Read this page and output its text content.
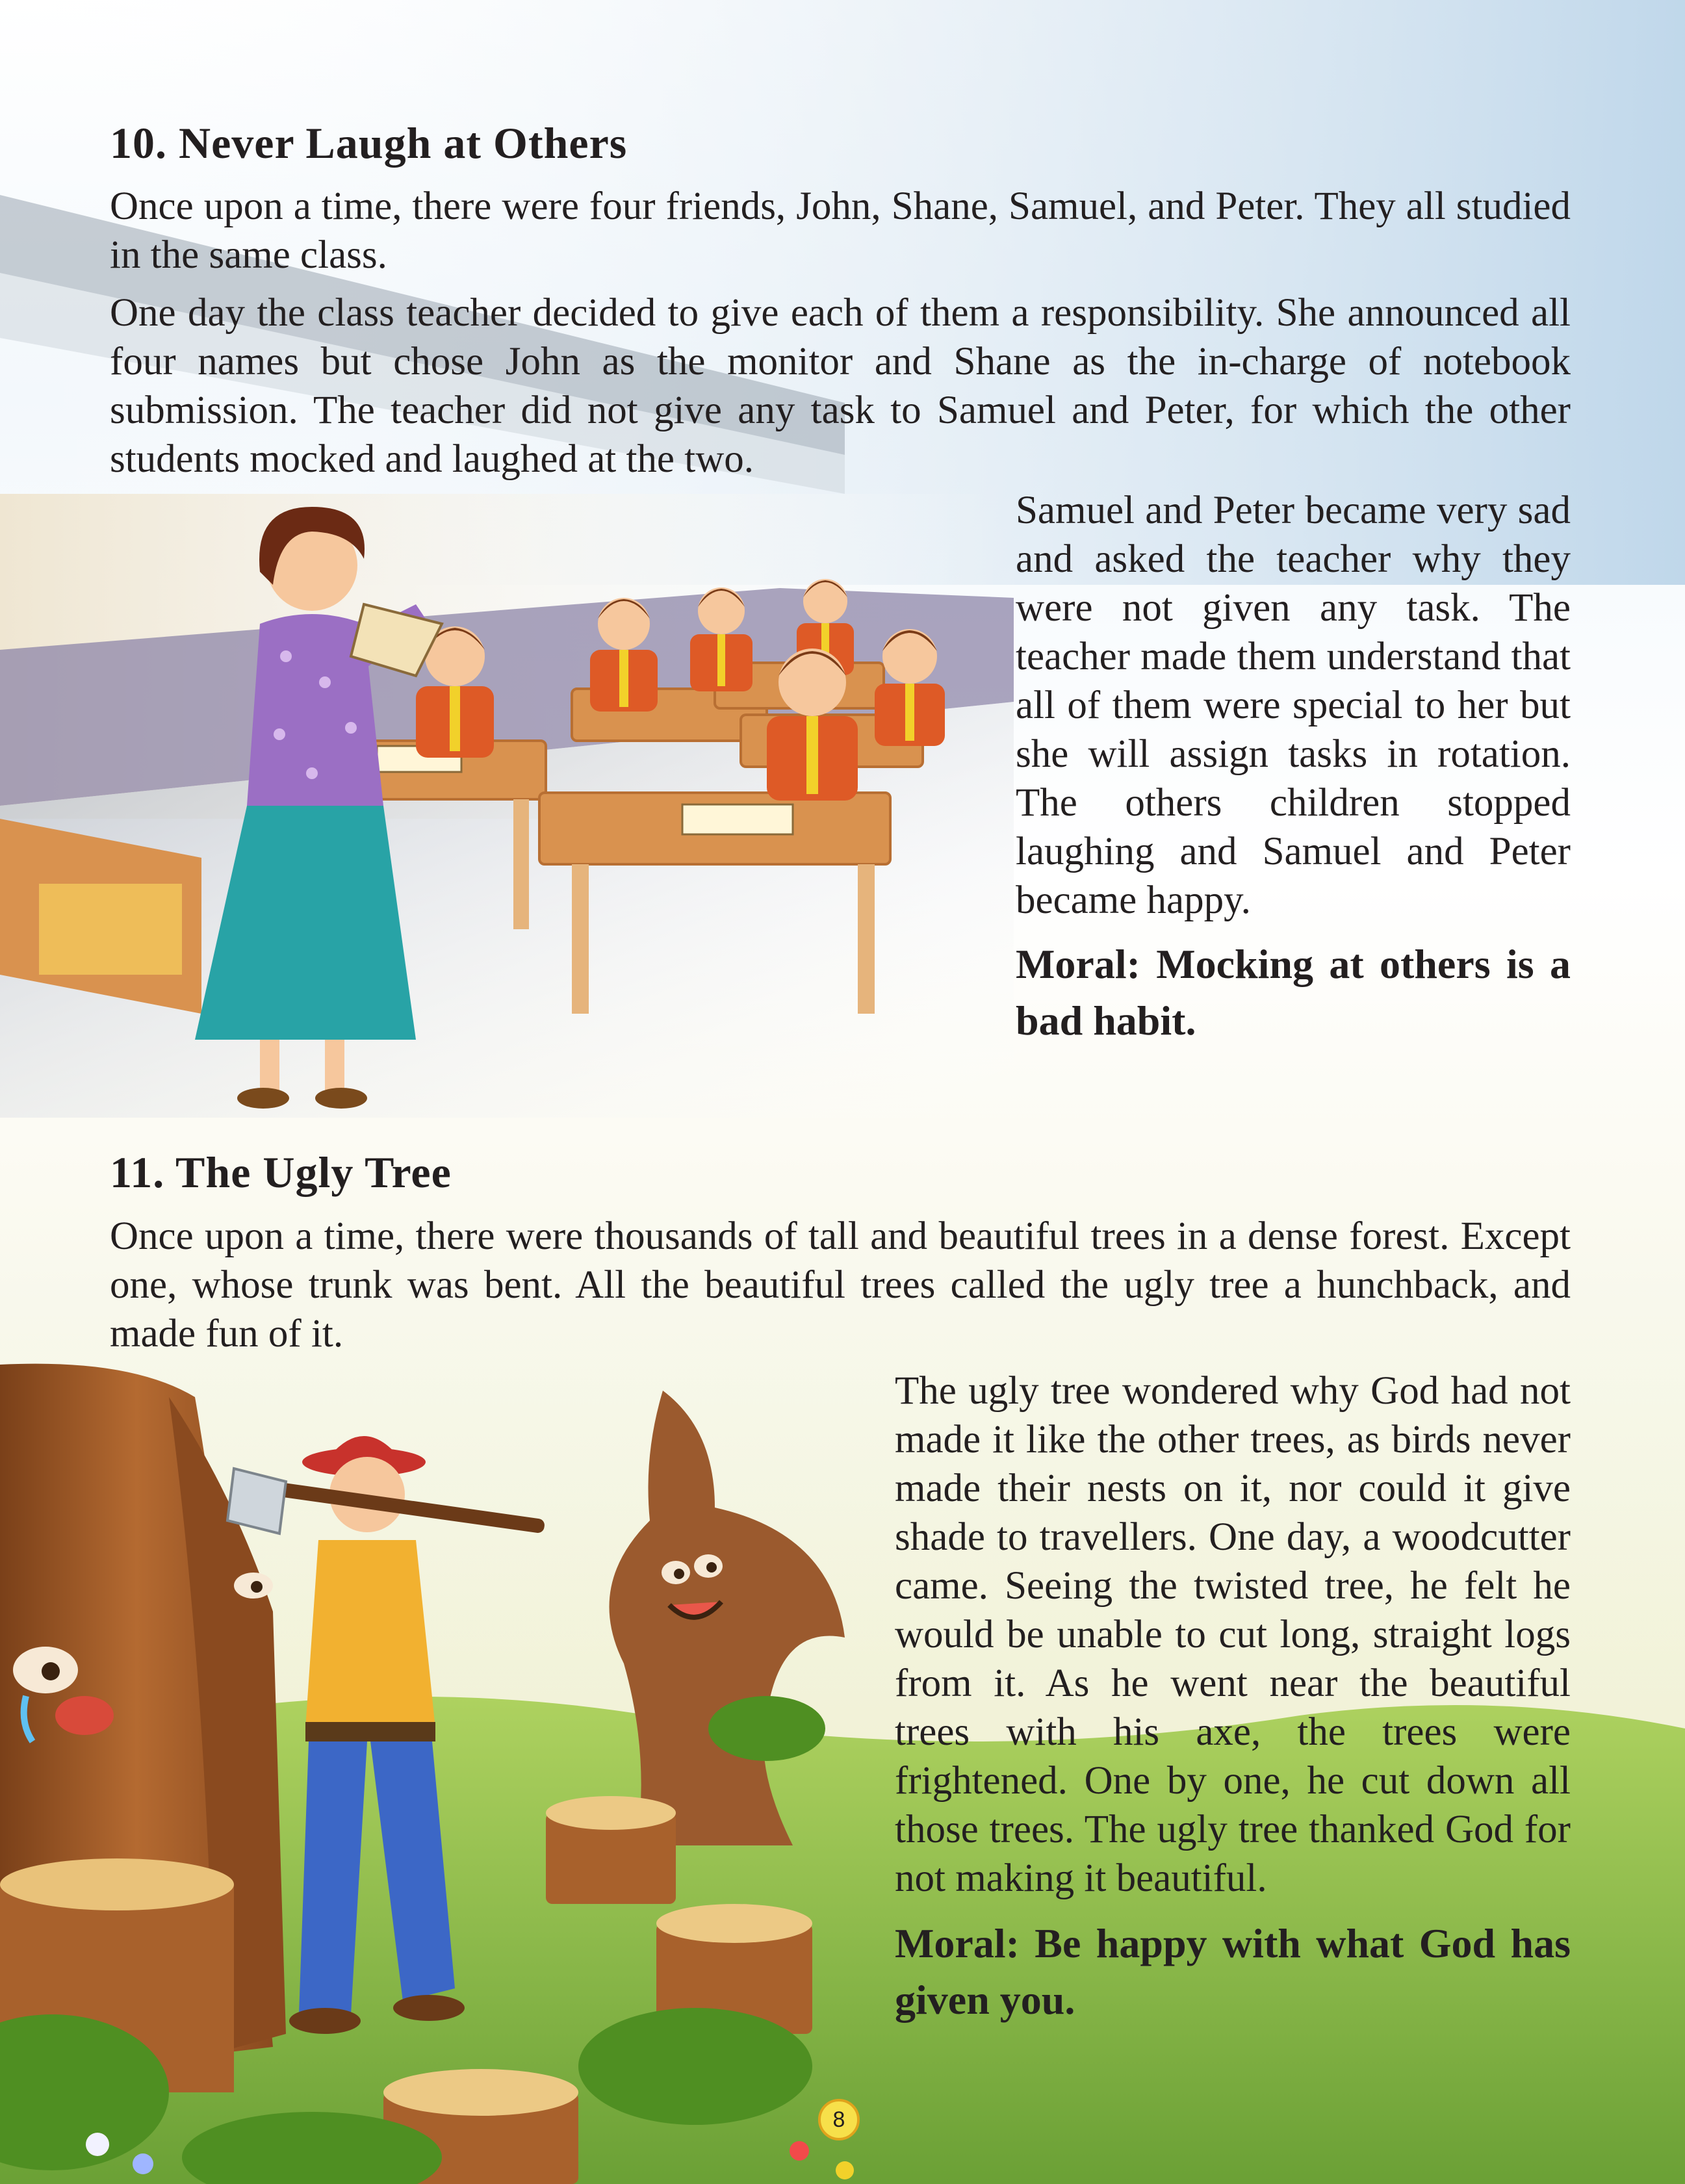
10. Never Laugh at Others

Once upon a time, there were four friends, John, Shane, Samuel, and Peter. They all studied in the same class.

One day the class teacher decided to give each of them a responsibility. She announced all four names but chose John as the monitor and Shane as the in-charge of notebook submission. The teacher did not give any task to Samuel and Peter, for which the other students mocked and laughed at the two.

Samuel and Peter became very sad and asked the teacher why they were not given any task. The teacher made them understand that all of them were special to her but she will assign tasks in rotation. The others children stopped laughing and Samuel and Peter became happy.

Moral: Mocking at others is a bad habit.

11. The Ugly Tree

Once upon a time, there were thousands of tall and beautiful trees in a dense forest. Except one, whose trunk was bent. All the beautiful trees called the ugly tree a hunchback, and made fun of it.

The ugly tree wondered why God had not made it like the other trees, as birds never made their nests on it, nor could it give shade to travellers. One day, a woodcutter came. Seeing the twisted tree, he felt he would be unable to cut long, straight logs from it. As he went near the beautiful trees with his axe, the trees were frightened. One by one, he cut down all those trees. The ugly tree thanked God for not making it beautiful.

Moral: Be happy with what God has given you.

8
